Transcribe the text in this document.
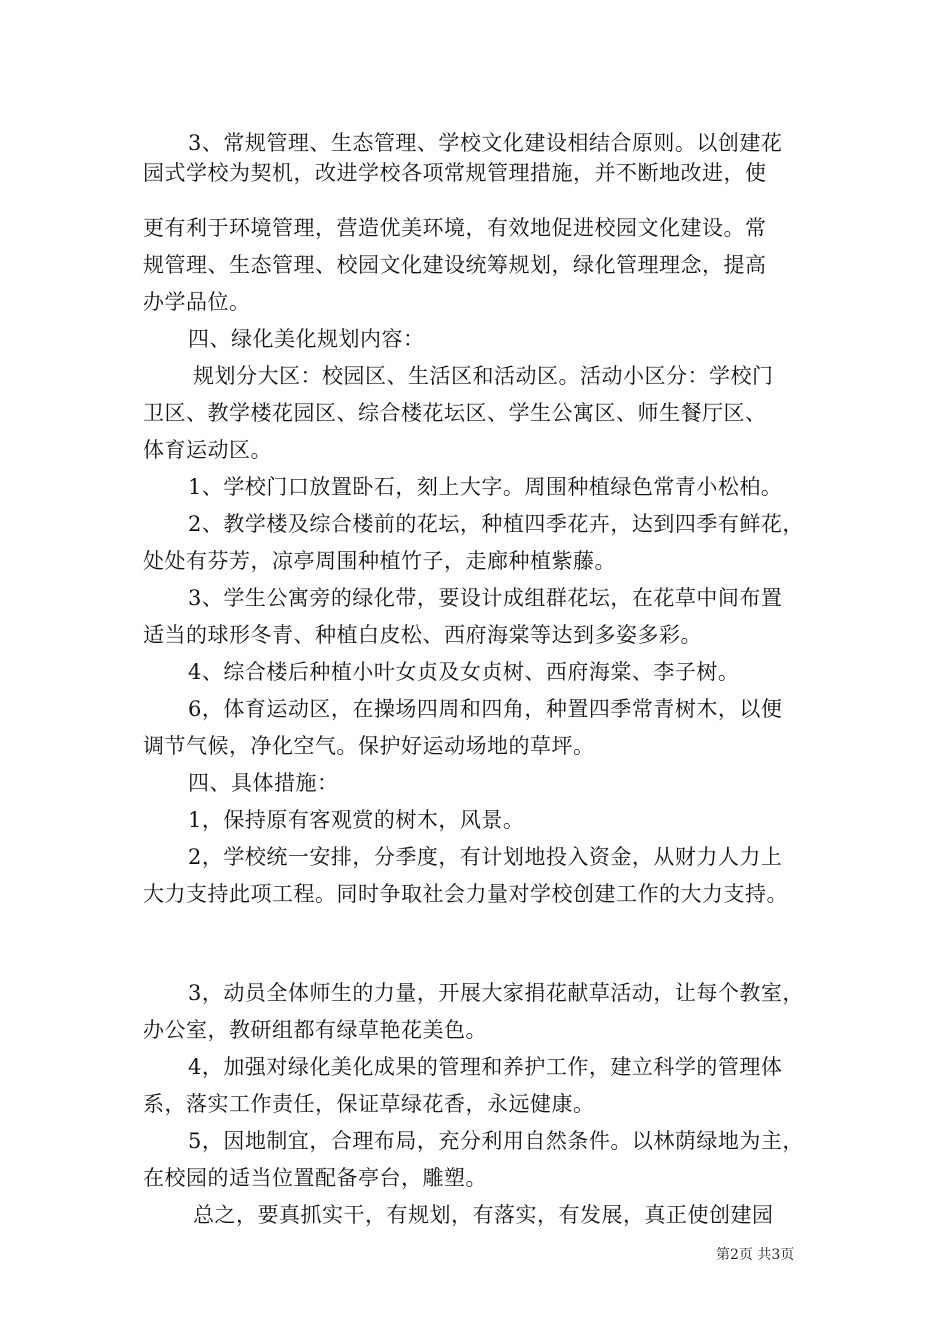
3、常规管理、生态管理、学校文化建设相结合原则。以创建花

园式学校为契机，改进学校各项常规管理措施，并不断地改进，使

更有利于环境管理，营造优美环境，有效地促进校园文化建设。常

规管理、生态管理、校园文化建设统筹规划，绿化管理理念，提高

办学品位。

四、绿化美化规划内容：

规划分大区：校园区、生活区和活动区。活动小区分：学校门

卫区、教学楼花园区、综合楼花坛区、学生公寓区、师生餐厅区、

体育运动区。

1、学校门口放置卧石，刻上大字。周围种植绿色常青小松柏。

2、教学楼及综合楼前的花坛，种植四季花卉，达到四季有鲜花，

处处有芬芳，凉亭周围种植竹子，走廊种植紫藤。

3、学生公寓旁的绿化带，要设计成组群花坛，在花草中间布置

适当的球形冬青、种植白皮松、西府海棠等达到多姿多彩。

4、综合楼后种植小叶女贞及女贞树、西府海棠、李子树。

6，体育运动区，在操场四周和四角，种置四季常青树木，以便

调节气候，净化空气。保护好运动场地的草坪。

四、具体措施：

1，保持原有客观赏的树木，风景。

2，学校统一安排，分季度，有计划地投入资金，从财力人力上

大力支持此项工程。同时争取社会力量对学校创建工作的大力支持。

3，动员全体师生的力量，开展大家捐花献草活动，让每个教室，

办公室，教研组都有绿草艳花美色。

4，加强对绿化美化成果的管理和养护工作，建立科学的管理体

系，落实工作责任，保证草绿花香，永远健康。

5，因地制宜，合理布局，充分利用自然条件。以林荫绿地为主，

在校园的适当位置配备亭台，雕塑。

总之，要真抓实干，有规划，有落实，有发展，真正使创建园

第2页 共3页
